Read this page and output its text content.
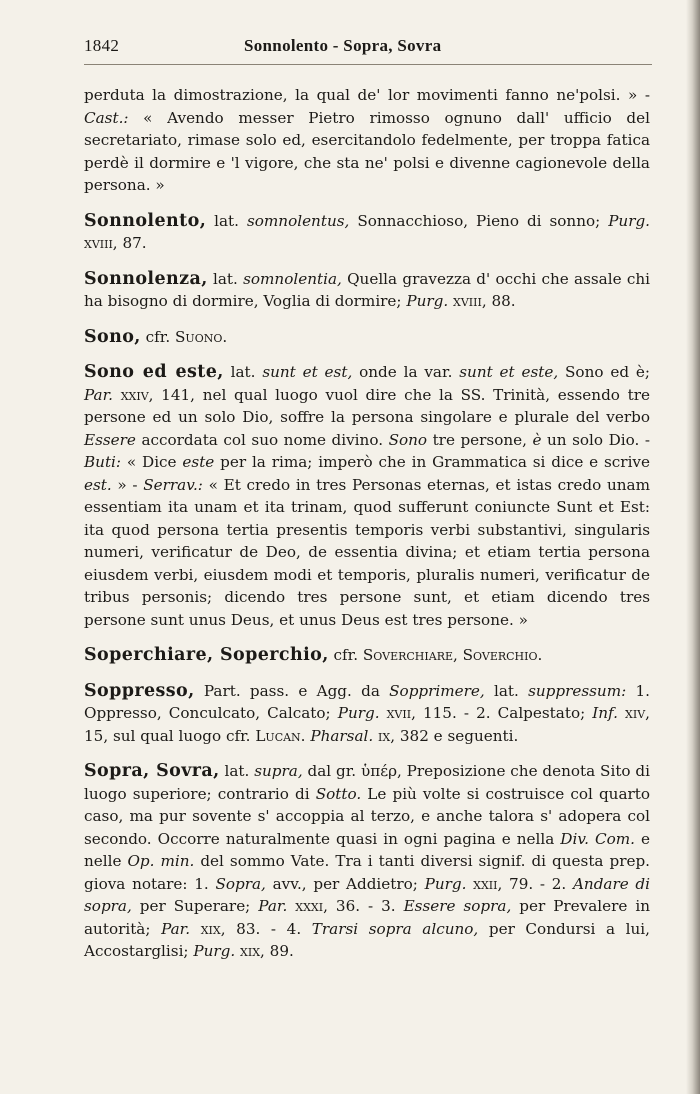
1842	Sonnolento - Sopra, Sovra

perduta la dimostrazione, la qual de' lor movimenti fanno ne'polsi. » - Cast.: « Avendo messer Pietro rimosso ognuno dall' ufficio del secretariato, rimase solo ed, esercitandolo fedelmente, per troppa fatica perdè il dormire e 'l vigore, che sta ne' polsi e divenne cagionevole della persona. »

Sonnolento, lat. somnolentus, Sonnacchioso, Pieno di sonno; Purg. xviii, 87.

Sonnolenza, lat. somnolentia, Quella gravezza d' occhi che assale chi ha bisogno di dormire, Voglia di dormire; Purg. xviii, 88.

Sono, cfr. Suono.

Sono ed este, lat. sunt et est, onde la var. sunt et este, Sono ed è; Par. xxiv, 141, nel qual luogo vuol dire che la SS. Trinità, essendo tre persone ed un solo Dio, soffre la persona singolare e plurale del verbo Essere accordata col suo nome divino. Sono tre persone, è un solo Dio. - Buti: « Dice este per la rima; imperò che in Grammatica si dice e scrive est. » - Serrav.: « Et credo in tres Personas eternas, et istas credo unam essentiam ita unam et ita trinam, quod sufferunt coniuncte Sunt et Est: ita quod persona tertia presentis temporis verbi substantivi, singularis numeri, verificatur de Deo, de essentia divina; et etiam tertia persona eiusdem verbi, eiusdem modi et temporis, pluralis numeri, verificatur de tribus personis; dicendo tres persone sunt, et etiam dicendo tres persone sunt unus Deus, et unus Deus est tres persone. »

Soperchiare, Soperchio, cfr. Soverchiare, Soverchio.

Soppresso, Part. pass. e Agg. da Sopprimere, lat. suppressum: 1. Oppresso, Conculcato, Calcato; Purg. xvii, 115. - 2. Calpestato; Inf. xiv, 15, sul qual luogo cfr. Lucan. Pharsal. ix, 382 e seguenti.

Sopra, Sovra, lat. supra, dal gr. ὑπέρ, Preposizione che denota Sito di luogo superiore; contrario di Sotto. Le più volte si costruisce col quarto caso, ma pur sovente s' accoppia al terzo, e anche talora s' adopera col secondo. Occorre naturalmente quasi in ogni pagina e nella Div. Com. e nelle Op. min. del sommo Vate. Tra i tanti diversi signif. di questa prep. giova notare: 1. Sopra, avv., per Addietro; Purg. xxii, 79. - 2. Andare di sopra, per Superare; Par. xxxi, 36. - 3. Essere sopra, per Prevalere in autorità; Par. xix, 83. - 4. Trarsi sopra alcuno, per Condursi a lui, Accostarglisi; Purg. xix, 89.
